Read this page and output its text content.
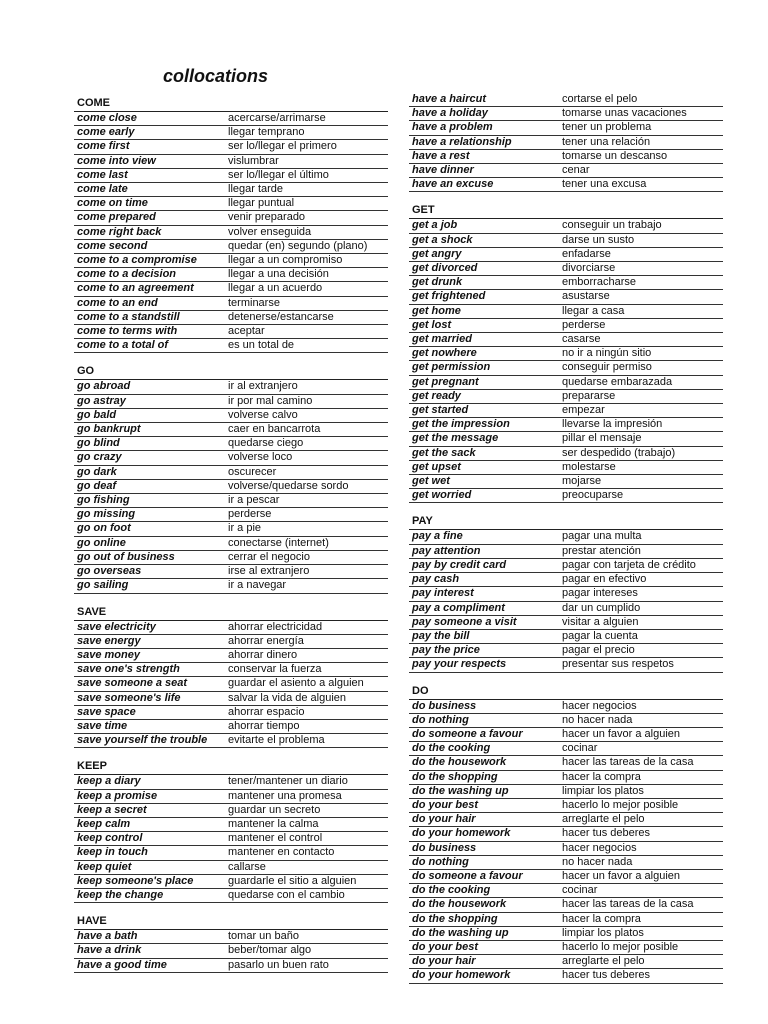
collocations
COME
come close	acercarse/arrimarse
come early	llegar temprano
come first	ser lo/llegar el primero
come into view	vislumbrar
come last	ser lo/llegar el último
come late	llegar tarde
come on time	llegar puntual
come prepared	venir preparado
come right back	volver enseguida
come second	quedar (en) segundo (plano)
come to a compromise	llegar a un compromiso
come to a decision	llegar a una decisión
come to an agreement	llegar a un acuerdo
come to an end	terminarse
come to a standstill	detenerse/estancarse
come to terms with	aceptar
come to a total of	es un total de
GO
go abroad	ir al extranjero
go astray	ir por mal camino
go bald	volverse calvo
go bankrupt	caer en bancarrota
go blind	quedarse ciego
go crazy	volverse loco
go dark	oscurecer
go deaf	volverse/quedarse sordo
go fishing	ir a pescar
go missing	perderse
go on foot	ir a pie
go online	conectarse (internet)
go out of business	cerrar el negocio
go overseas	irse al extranjero
go sailing	ir a navegar
SAVE
save electricity	ahorrar electricidad
save energy	ahorrar energía
save money	ahorrar dinero
save one's strength	conservar la fuerza
save someone a seat	guardar el asiento a alguien
save someone's life	salvar la vida de alguien
save space	ahorrar espacio
save time	ahorrar tiempo
save yourself the trouble	evitarte el problema
KEEP
keep a diary	tener/mantener un diario
keep a promise	mantener una promesa
keep a secret	guardar un secreto
keep calm	mantener la calma
keep control	mantener el control
keep in touch	mantener en contacto
keep quiet	callarse
keep someone's place	guardarle el sitio a alguien
keep the change	quedarse con el cambio
HAVE
have a bath	tomar un baño
have a drink	beber/tomar algo
have a good time	pasarlo un buen rato
have a haircut	cortarse el pelo
have a holiday	tomarse unas vacaciones
have a problem	tener un problema
have a relationship	tener una relación
have a rest	tomarse un descanso
have dinner	cenar
have an excuse	tener una excusa
GET
get a job	conseguir un trabajo
get a shock	darse un susto
get angry	enfadarse
get divorced	divorciarse
get drunk	emborracharse
get frightened	asustarse
get home	llegar a casa
get lost	perderse
get married	casarse
get nowhere	no ir a ningún sitio
get permission	conseguir permiso
get pregnant	quedarse embarazada
get ready	prepararse
get started	empezar
get the impression	llevarse la impresión
get the message	pillar el mensaje
get the sack	ser despedido (trabajo)
get upset	molestarse
get wet	mojarse
get worried	preocuparse
PAY
pay a fine	pagar una multa
pay attention	prestar atención
pay by credit card	pagar con tarjeta de crédito
pay cash	pagar en efectivo
pay interest	pagar intereses
pay a compliment	dar un cumplido
pay someone a visit	visitar a alguien
pay the bill	pagar la cuenta
pay the price	pagar el precio
pay your respects	presentar sus respetos
DO
do business	hacer negocios
do nothing	no hacer nada
do someone a favour	hacer un favor a alguien
do the cooking	cocinar
do the housework	hacer las tareas de la casa
do the shopping	hacer la compra
do the washing up	limpiar los platos
do your best	hacerlo lo mejor posible
do your hair	arreglarte el pelo
do your homework	hacer tus deberes
do business	hacer negocios
do nothing	no hacer nada
do someone a favour	hacer un favor a alguien
do the cooking	cocinar
do the housework	hacer las tareas de la casa
do the shopping	hacer la compra
do the washing up	limpiar los platos
do your best	hacerlo lo mejor posible
do your hair	arreglarte el pelo
do your homework	hacer tus deberes
